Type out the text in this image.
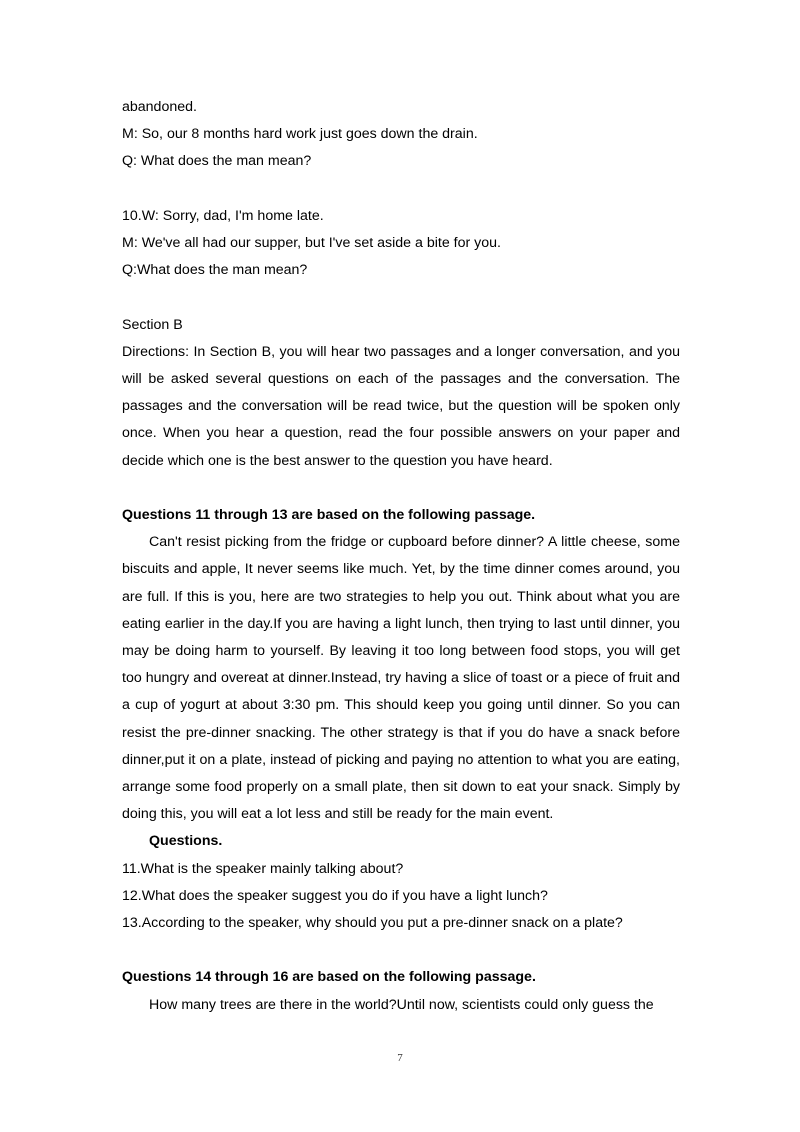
abandoned.
M: So, our 8 months hard work just goes down the drain.
Q: What does the man mean?
10.W: Sorry, dad, I'm home late.
M: We've all had our supper, but I've set aside a bite for you.
Q:What does the man mean?
Section B
Directions: In Section B, you will hear two passages and a longer conversation, and you will be asked several questions on each of the passages and the conversation. The passages and the conversation will be read twice, but the question will be spoken only once. When you hear a question, read the four possible answers on your paper and decide which one is the best answer to the question you have heard.
Questions 11 through 13 are based on the following passage.
Can't resist picking from the fridge or cupboard before dinner? A little cheese, some biscuits and apple, It never seems like much. Yet, by the time dinner comes around, you are full. If this is you, here are two strategies to help you out. Think about what you are eating earlier in the day.If you are having a light lunch, then trying to last until dinner, you may be doing harm to yourself. By leaving it too long between food stops, you will get too hungry and overeat at dinner.Instead, try having a slice of toast or a piece of fruit and a cup of yogurt at about 3:30 pm. This should keep you going until dinner. So you can resist the pre-dinner snacking. The other strategy is that if you do have a snack before dinner,put it on a plate, instead of picking and paying no attention to what you are eating, arrange some food properly on a small plate, then sit down to eat your snack. Simply by doing this, you will eat a lot less and still be ready for the main event.
Questions.
11.What is the speaker mainly talking about?
12.What does the speaker suggest you do if you have a light lunch?
13.According to the speaker, why should you put a pre-dinner snack on a plate?
Questions 14 through 16 are based on the following passage.
How many trees are there in the world?Until now, scientists could only guess the
7
